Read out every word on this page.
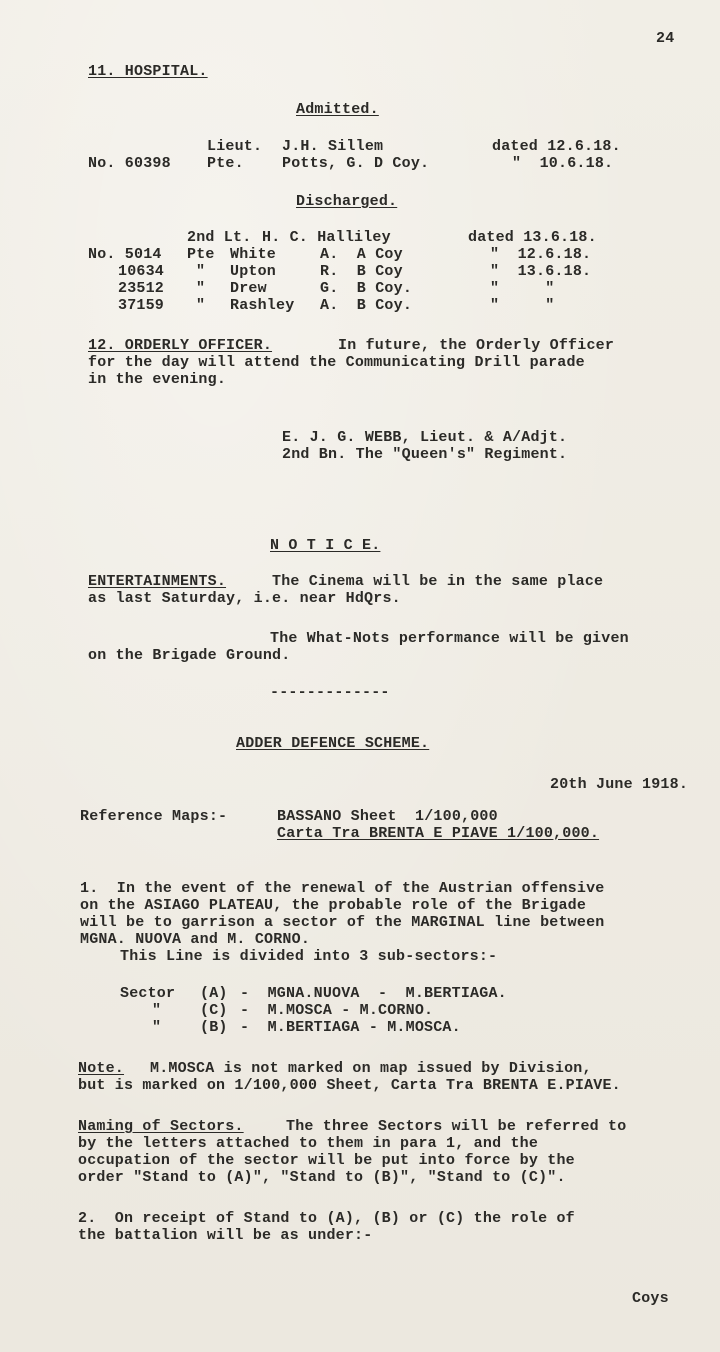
24
11. HOSPITAL.
Admitted.
Lieut. J.H. Sillem	dated 12.6.18.
No. 60398 Pte.	Potts, G. D Coy.	"  10.6.18.
Discharged.
2nd Lt. H. C. Halliley	dated 13.6.18.
No. 5014 Pte White	A.  A Coy	"  12.6.18.
10634 " Upton	R.  B Coy	"  13.6.18.
23512 " Drew	G.  B Coy.	"     "
37159 " Rashley A.  B Coy.	"     "
12. ORDERLY OFFICER.	In future, the Orderly Officer
for the day will attend the Communicating Drill parade
in the evening.
E. J. G. WEBB, Lieut. & A/Adjt.
2nd Bn. The "Queen's" Regiment.
N O T I C E.
ENTERTAINMENTS.	The Cinema will be in the same place
as last Saturday, i.e. near HdQrs.
The What-Nots performance will be given
on the Brigade Ground.
-------------
ADDER DEFENCE SCHEME.
20th June 1918.
Reference Maps:-	BASSANO Sheet  1/100,000
Carta Tra BRENTA E PIAVE 1/100,000.
1.  In the event of the renewal of the Austrian offensive
on the ASIAGO PLATEAU, the probable role of the Brigade
will be to garrison a sector of the MARGINAL line between
MGNA. NUOVA and M. CORNO.
This Line is divided into 3 sub-sectors:-
Sector (A) -  MGNA.NUOVA  -  M.BERTIAGA.
"	(C) -  M.MOSCA - M.CORNO.
"	(B) -  M.BERTIAGA - M.MOSCA.
Note. M.MOSCA is not marked on map issued by Division,
but is marked on 1/100,000 Sheet, Carta Tra BRENTA E.PIAVE.
Naming of Sectors.	The three Sectors will be referred to
by the letters attached to them in para 1, and the
occupation of the sector will be put into force by the
order "Stand to (A)", "Stand to (B)", "Stand to (C)".
2.  On receipt of Stand to (A), (B) or (C) the role of
the battalion will be as under:-
Coys
